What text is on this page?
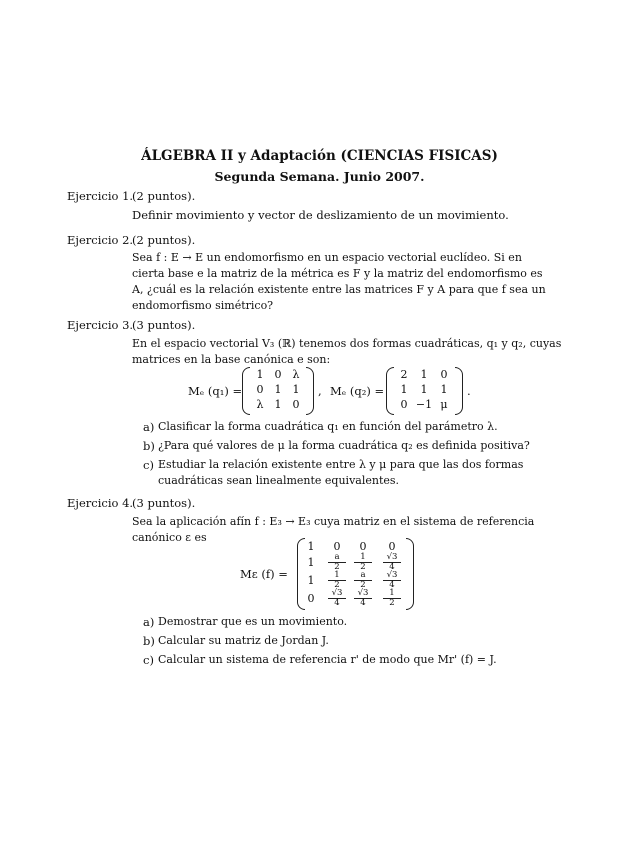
ÁLGEBRA II y Adaptación (CIENCIAS FISICAS)
Segunda Semana. Junio 2007.
Ejercicio 1.
(2 puntos).
Definir movimiento y vector de deslizamiento de un movimiento.
Ejercicio 2.
(2 puntos).
Sea f : E → E un endomorfismo en un espacio vectorial euclídeo. Si en
cierta base e la matriz de la métrica es F y la matriz del endomorfismo es
A, ¿cuál es la relación existente entre las matrices F y A para que f sea un
endomorfismo simétrico?
Ejercicio 3.
(3 puntos).
En el espacio vectorial V₃ (ℝ) tenemos dos formas cuadráticas, q₁ y q₂, cuyas
matrices en la base canónica e son:
Mₑ (q₁) =
1	0	λ
0	1	1
λ	1	0
, Mₑ (q₂) =
2	1	0
1	1	1
0 −1 μ
.
a) Clasificar la forma cuadrática q₁ en función del parámetro λ.
b) ¿Para qué valores de μ la forma cuadrática q₂ es definida positiva?
c) Estudiar la relación existente entre λ y μ para que las dos formas
cuadráticas sean linealmente equivalentes.
Ejercicio 4.
(3 puntos).
Sea la aplicación afín f : E₃ → E₃ cuya matriz en el sistema de referencia
canónico ε es
Mε (f) =
1	0	0	0
1	$\frac{a}{2} \frac{1}{2} \frac{√3}{4}$
1	$\frac{1}{2} \frac{a}{2} \frac{√3}{4}$
0	$\frac{√3}{4} \frac{√3}{4} \frac{1}{2}$
a) Demostrar que es un movimiento.
b) Calcular su matriz de Jordan J.
c) Calcular un sistema de referencia r' de modo que Mr' (f) = J.
